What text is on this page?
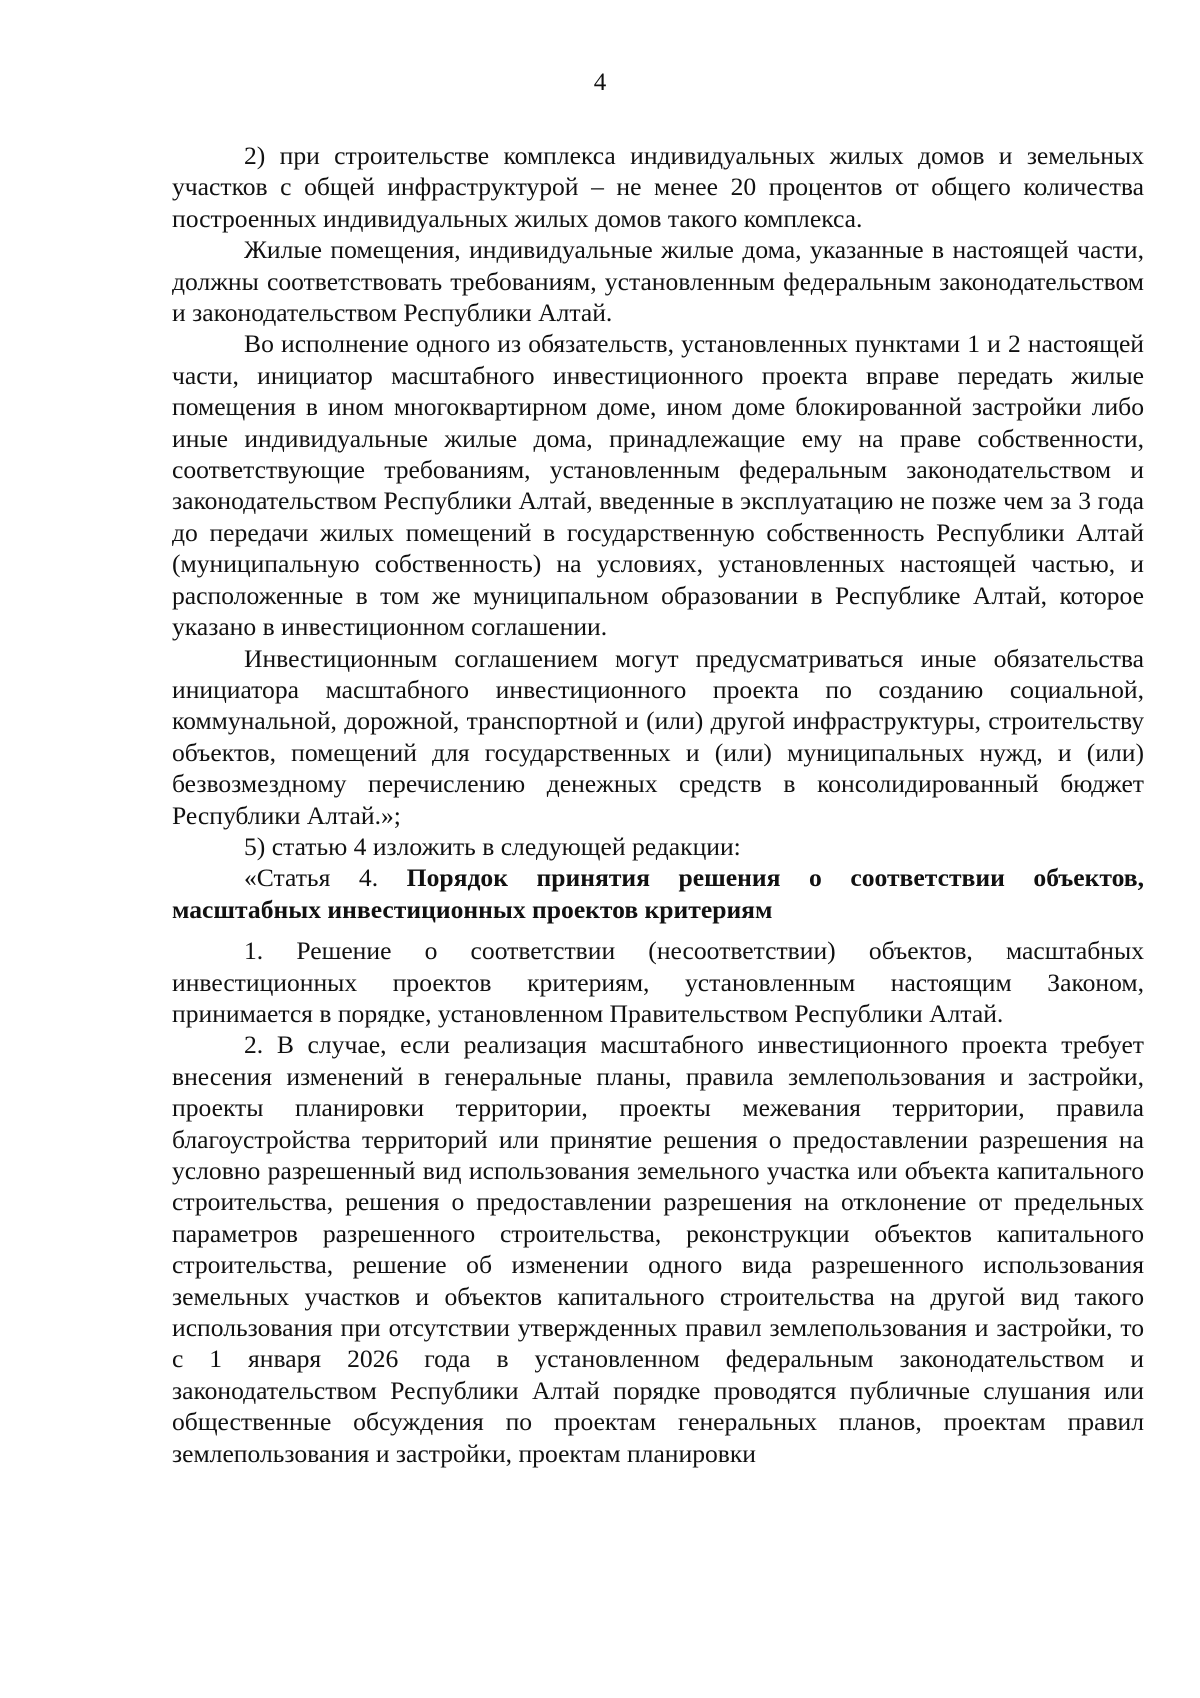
4

2) при строительстве комплекса индивидуальных жилых домов и земельных участков с общей инфраструктурой – не менее 20 процентов от общего количества построенных индивидуальных жилых домов такого комплекса.

Жилые помещения, индивидуальные жилые дома, указанные в настоящей части, должны соответствовать требованиям, установленным федеральным законодательством и законодательством Республики Алтай.

Во исполнение одного из обязательств, установленных пунктами 1 и 2 настоящей части, инициатор масштабного инвестиционного проекта вправе передать жилые помещения в ином многоквартирном доме, ином доме блокированной застройки либо иные индивидуальные жилые дома, принадлежащие ему на праве собственности, соответствующие требованиям, установленным федеральным законодательством и законодательством Республики Алтай, введенные в эксплуатацию не позже чем за 3 года до передачи жилых помещений в государственную собственность Республики Алтай (муниципальную собственность) на условиях, установленных настоящей частью, и расположенные в том же муниципальном образовании в Республике Алтай, которое указано в инвестиционном соглашении.

Инвестиционным соглашением могут предусматриваться иные обязательства инициатора масштабного инвестиционного проекта по созданию социальной, коммунальной, дорожной, транспортной и (или) другой инфраструктуры, строительству объектов, помещений для государственных и (или) муниципальных нужд, и (или) безвозмездному перечислению денежных средств в консолидированный бюджет Республики Алтай.»;

5) статью 4 изложить в следующей редакции:

«Статья 4. Порядок принятия решения о соответствии объектов, масштабных инвестиционных проектов критериям

1. Решение о соответствии (несоответствии) объектов, масштабных инвестиционных проектов критериям, установленным настоящим Законом, принимается в порядке, установленном Правительством Республики Алтай.

2. В случае, если реализация масштабного инвестиционного проекта требует внесения изменений в генеральные планы, правила землепользования и застройки, проекты планировки территории, проекты межевания территории, правила благоустройства территорий или принятие решения о предоставлении разрешения на условно разрешенный вид использования земельного участка или объекта капитального строительства, решения о предоставлении разрешения на отклонение от предельных параметров разрешенного строительства, реконструкции объектов капитального строительства, решение об изменении одного вида разрешенного использования земельных участков и объектов капитального строительства на другой вид такого использования при отсутствии утвержденных правил землепользования и застройки, то с 1 января 2026 года в установленном федеральным законодательством и законодательством Республики Алтай порядке проводятся публичные слушания или общественные обсуждения по проектам генеральных планов, проектам правил землепользования и застройки, проектам планировки
